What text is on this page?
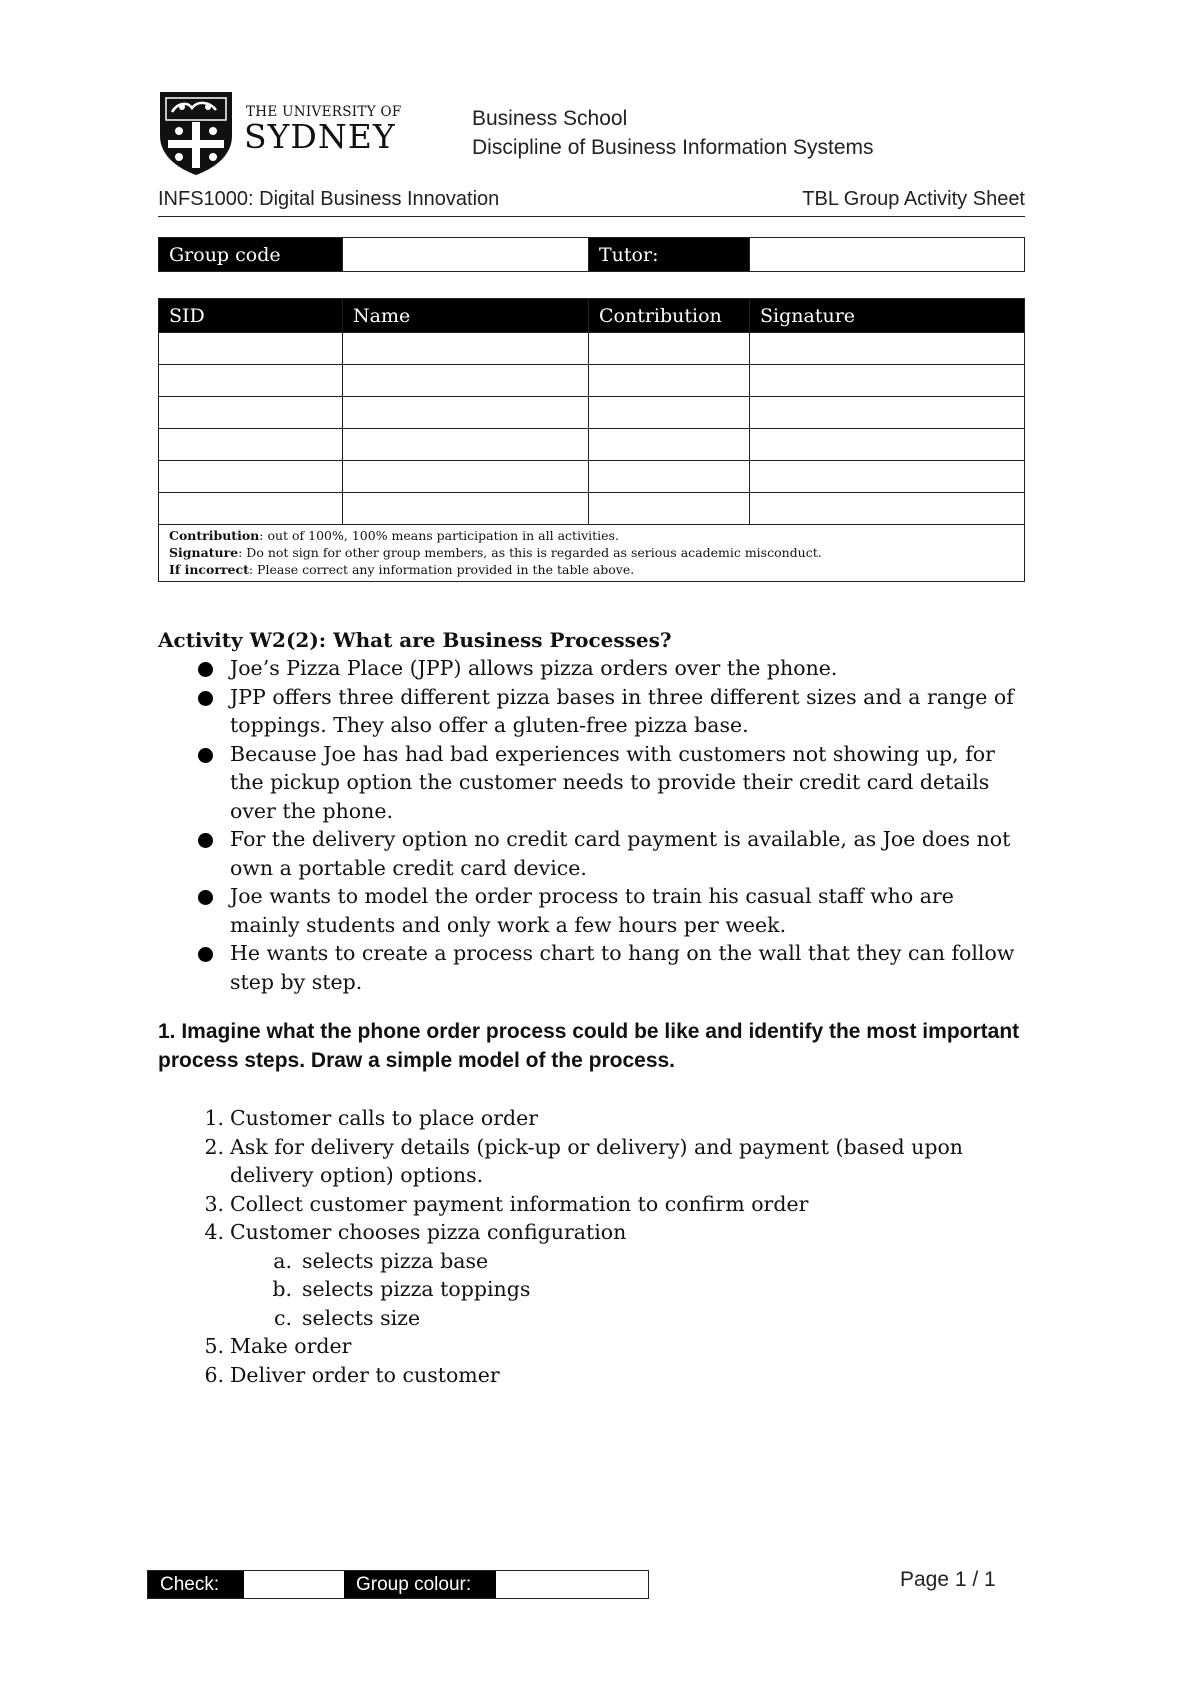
THE UNIVERSITY OF
SYDNEY	Business School
Discipline of Business Information Systems
INFS1000: Digital Business Innovation	TBL Group Activity Sheet
Group code		Tutor:	
SID	Name	Contribution	Signature

Contribution: out of 100%, 100% means participation in all activities.
Signature: Do not sign for other group members, as this is regarded as serious academic misconduct.
If incorrect: Please correct any information provided in the table above.			
Activity W2(2): What are Business Processes?
Joe’s Pizza Place (JPP) allows pizza orders over the phone.
JPP offers three different pizza bases in three different sizes and a range of toppings. They also offer a gluten-free pizza base.
Because Joe has had bad experiences with customers not showing up, for the pickup option the customer needs to provide their credit card details over the phone.
For the delivery option no credit card payment is available, as Joe does not own a portable credit card device.
Joe wants to model the order process to train his casual staff who are mainly students and only work a few hours per week.
He wants to create a process chart to hang on the wall that they can follow step by step.
1. Imagine what the phone order process could be like and identify the most important process steps. Draw a simple model of the process.
1. Customer calls to place order
2. Ask for delivery details (pick-up or delivery) and payment (based upon delivery option) options.
3. Collect customer payment information to confirm order
4. Customer chooses pizza configuration
a. selects pizza base
b. selects pizza toppings
c. selects size
5. Make order
6. Deliver order to customer
Check:	Group colour:	Page 1 / 1
